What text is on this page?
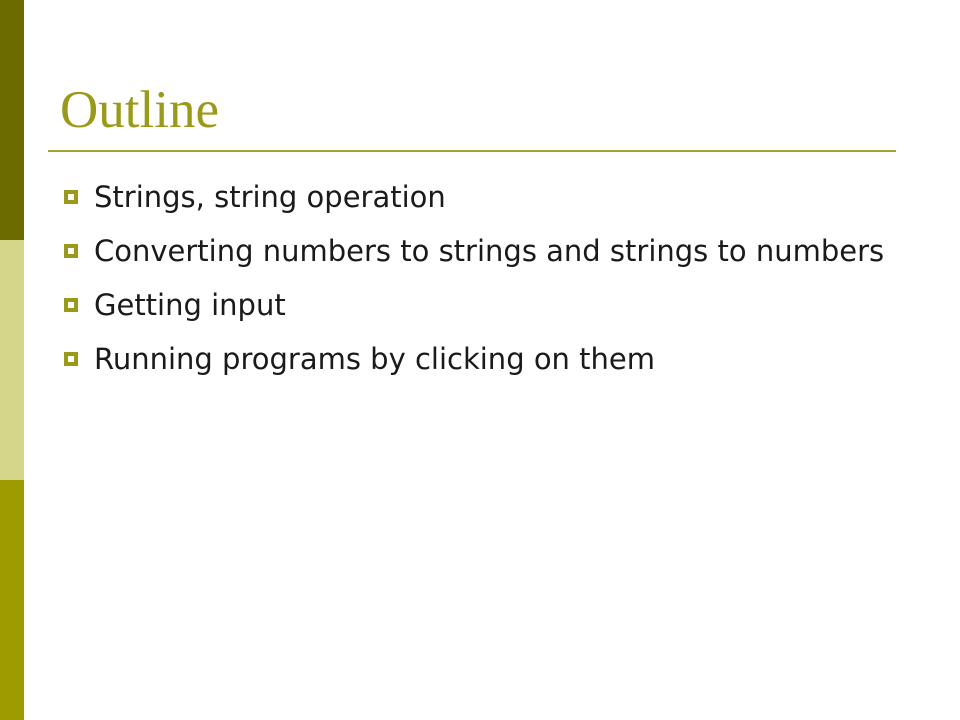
Outline
Strings, string operation
Converting numbers to strings and strings to numbers
Getting input
Running programs by clicking on them
